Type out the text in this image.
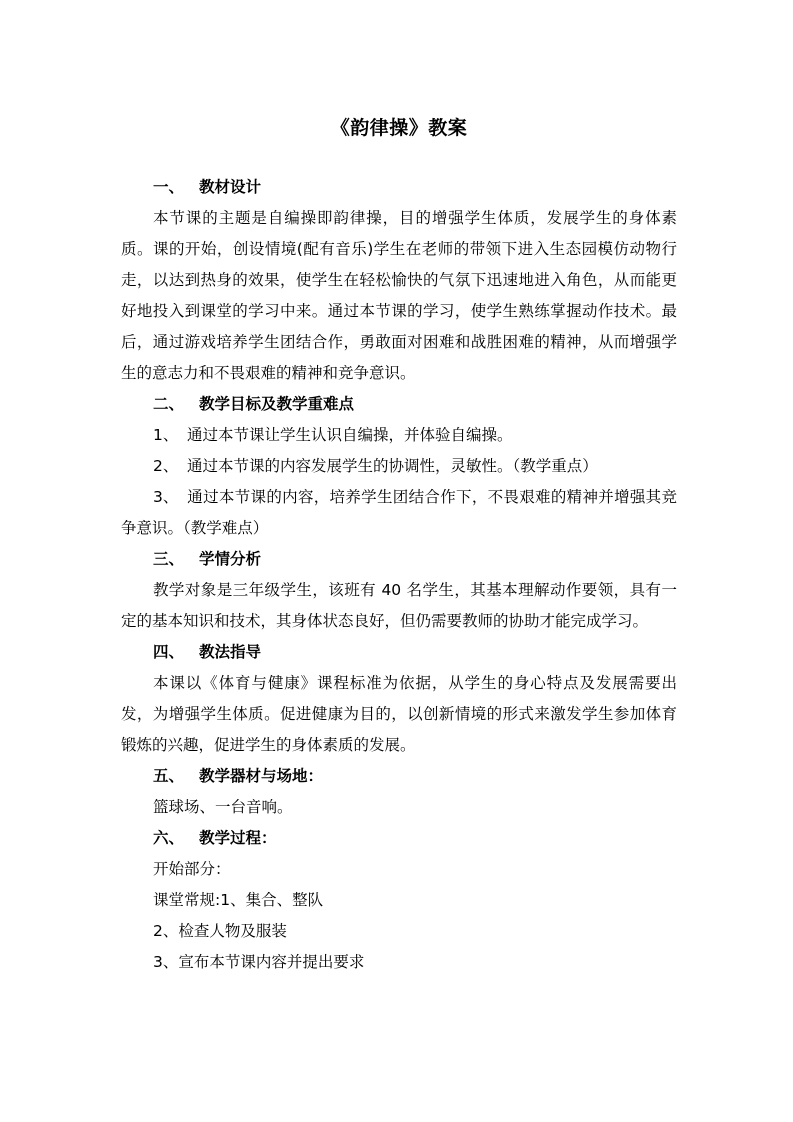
《韵律操》教案
一、 教材设计
本节课的主题是自编操即韵律操，目的增强学生体质，发展学生的身体素质。课的开始，创设情境(配有音乐)学生在老师的带领下进入生态园模仿动物行走，以达到热身的效果，使学生在轻松愉快的气氛下迅速地进入角色，从而能更好地投入到课堂的学习中来。通过本节课的学习，使学生熟练掌握动作技术。最后，通过游戏培养学生团结合作，勇敢面对困难和战胜困难的精神，从而增强学生的意志力和不畏艰难的精神和竞争意识。
二、 教学目标及教学重难点
1、 通过本节课让学生认识自编操，并体验自编操。
2、 通过本节课的内容发展学生的协调性，灵敏性。（教学重点）
3、 通过本节课的内容，培养学生团结合作下，不畏艰难的精神并增强其竞争意识。（教学难点）
三、 学情分析
教学对象是三年级学生，该班有 40 名学生，其基本理解动作要领，具有一定的基本知识和技术，其身体状态良好，但仍需要教师的协助才能完成学习。
四、 教法指导
本课以《体育与健康》课程标准为依据，从学生的身心特点及发展需要出发，为增强学生体质。促进健康为目的，以创新情境的形式来激发学生参加体育锻炼的兴趣，促进学生的身体素质的发展。
五、 教学器材与场地：
篮球场、一台音响。
六、 教学过程：
开始部分：
课堂常规:1、集合、整队
2、检查人物及服装
3、宣布本节课内容并提出要求
